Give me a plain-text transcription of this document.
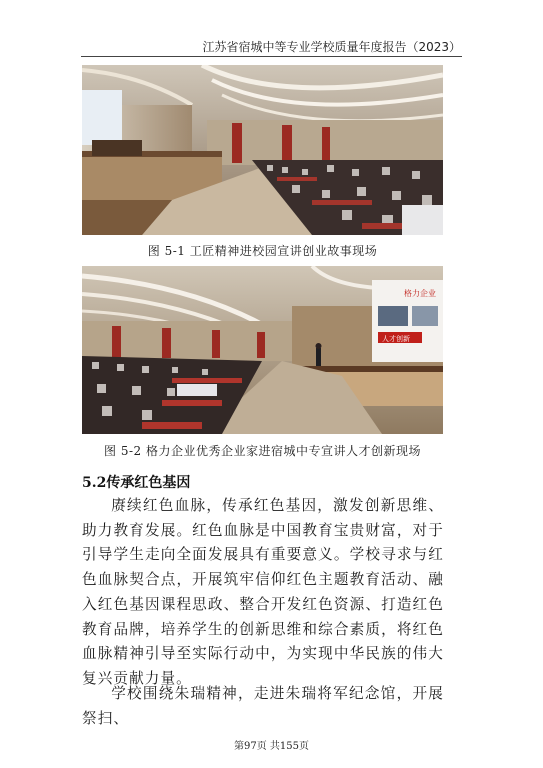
江苏省宿城中等专业学校质量年度报告（2023）
图 5-1 工匠精神进校园宣讲创业故事现场
格力企业
人才创新
图 5-2 格力企业优秀企业家进宿城中专宣讲人才创新现场
5.2传承红色基因

赓续红色血脉，传承红色基因，激发创新思维、助力教育发展。红色血脉是中国教育宝贵财富，对于引导学生走向全面发展具有重要意义。学校寻求与红色血脉契合点，开展筑牢信仰红色主题教育活动、融入红色基因课程思政、整合开发红色资源、打造红色教育品牌，培养学生的创新思维和综合素质，将红色血脉精神引导至实际行动中，为实现中华民族的伟大复兴贡献力量。

学校围绕朱瑞精神，走进朱瑞将军纪念馆，开展祭扫、

第97页 共155页
